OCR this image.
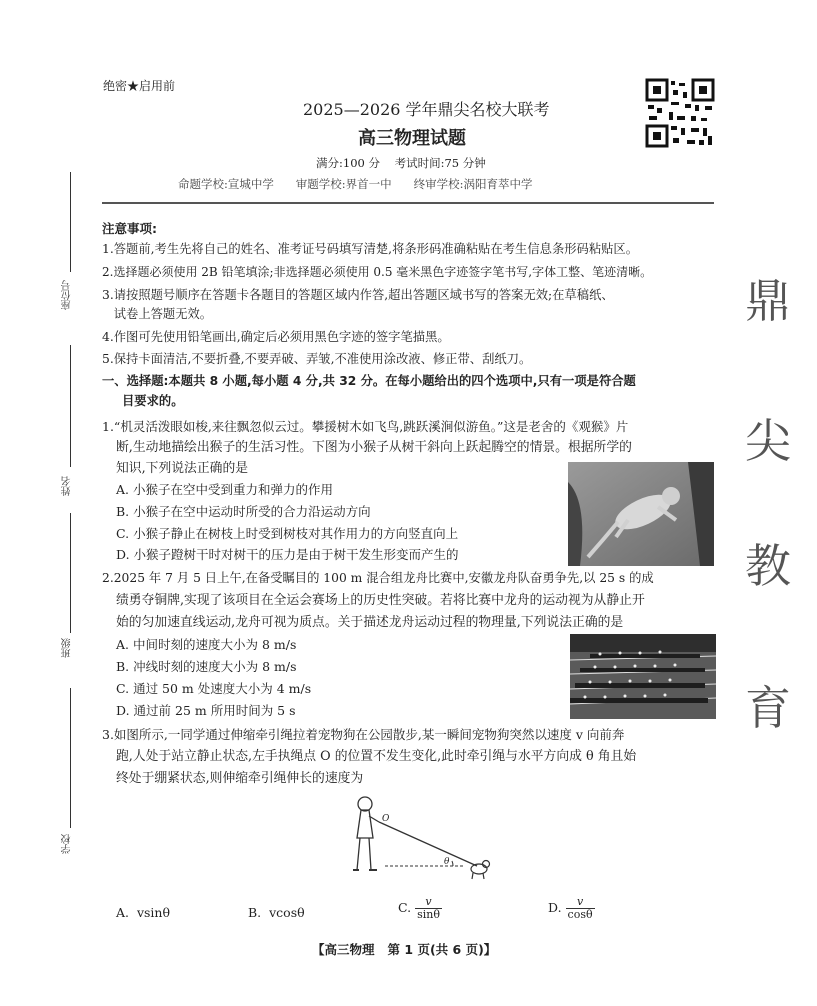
绝密★启用前
2025—2026 学年鼎尖名校大联考
高三物理试题
满分:100 分    考试时间:75 分钟
命题学校:宣城中学      审题学校:界首一中      终审学校:涡阳育萃中学
座位号
姓名
班级
学校
鼎
尖
教
育
注意事项:
1.答题前,考生先将自己的姓名、准考证号码填写清楚,将条形码准确粘贴在考生信息条形码粘贴区。
2.选择题必须使用 2B 铅笔填涂;非选择题必须使用 0.5 毫米黑色字迹签字笔书写,字体工整、笔迹清晰。
3.请按照题号顺序在答题卡各题目的答题区域内作答,超出答题区域书写的答案无效;在草稿纸、
试卷上答题无效。
4.作图可先使用铅笔画出,确定后必须用黑色字迹的签字笔描黑。
5.保持卡面清洁,不要折叠,不要弄破、弄皱,不准使用涂改液、修正带、刮纸刀。
一、选择题:本题共 8 小题,每小题 4 分,共 32 分。在每小题给出的四个选项中,只有一项是符合题
目要求的。
1.“机灵活泼眼如梭,来往飘忽似云过。攀援树木如飞鸟,跳跃溪涧似游鱼。”这是老舍的《观猴》片
断,生动地描绘出猴子的生活习性。下图为小猴子从树干斜向上跃起腾空的情景。根据所学的
知识,下列说法正确的是
A. 小猴子在空中受到重力和弹力的作用
B. 小猴子在空中运动时所受的合力沿运动方向
C. 小猴子静止在树枝上时受到树枝对其作用力的方向竖直向上
D. 小猴子蹬树干时对树干的压力是由于树干发生形变而产生的
2.2025 年 7 月 5 日上午,在备受瞩目的 100 m 混合组龙舟比赛中,安徽龙舟队奋勇争先,以 25 s 的成
绩勇夺铜牌,实现了该项目在全运会赛场上的历史性突破。若将比赛中龙舟的运动视为从静止开
始的匀加速直线运动,龙舟可视为质点。关于描述龙舟运动过程的物理量,下列说法正确的是
A. 中间时刻的速度大小为 8 m/s
B. 冲线时刻的速度大小为 8 m/s
C. 通过 50 m 处速度大小为 4 m/s
D. 通过前 25 m 所用时间为 5 s
3.如图所示,一同学通过伸缩牵引绳拉着宠物狗在公园散步,某一瞬间宠物狗突然以速度 v 向前奔
跑,人处于站立静止状态,左手执绳点 O 的位置不发生变化,此时牵引绳与水平方向成 θ 角且始
终处于绷紧状态,则伸缩牵引绳伸长的速度为
O
θ
A.  vsinθ	B.  vcosθ	C. $\frac{v}{\sin\theta}$	D. $\frac{v}{\cos\theta}$
【高三物理   第 1 页(共 6 页)】
